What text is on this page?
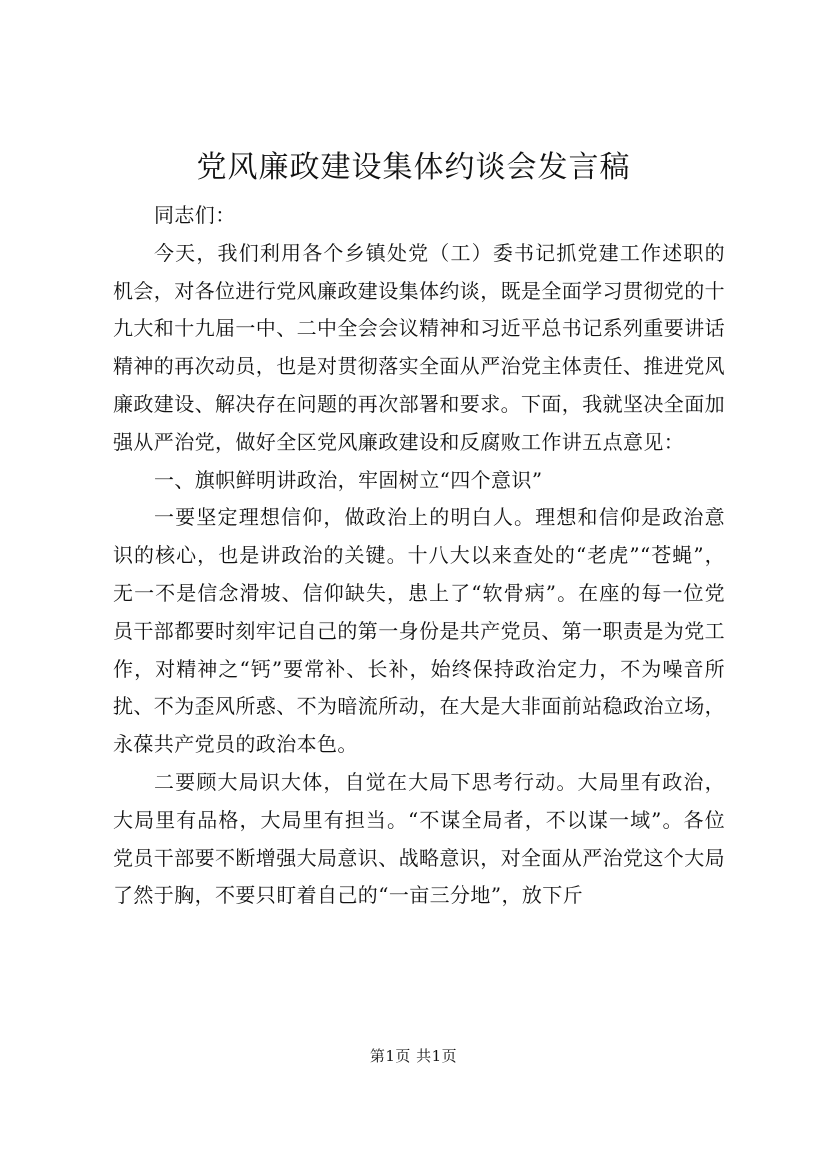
党风廉政建设集体约谈会发言稿

同志们：

今天，我们利用各个乡镇处党（工）委书记抓党建工作述职的机会，对各位进行党风廉政建设集体约谈，既是全面学习贯彻党的十九大和十九届一中、二中全会会议精神和习近平总书记系列重要讲话精神的再次动员，也是对贯彻落实全面从严治党主体责任、推进党风廉政建设、解决存在问题的再次部署和要求。下面，我就坚决全面加强从严治党，做好全区党风廉政建设和反腐败工作讲五点意见：

一、旗帜鲜明讲政治，牢固树立“四个意识”

一要坚定理想信仰，做政治上的明白人。理想和信仰是政治意识的核心，也是讲政治的关键。十八大以来查处的“老虎”“苍蝇”，无一不是信念滑坡、信仰缺失，患上了“软骨病”。在座的每一位党员干部都要时刻牢记自己的第一身份是共产党员、第一职责是为党工作，对精神之“钙”要常补、长补，始终保持政治定力，不为噪音所扰、不为歪风所惑、不为暗流所动，在大是大非面前站稳政治立场，永葆共产党员的政治本色。

二要顾大局识大体，自觉在大局下思考行动。大局里有政治，大局里有品格，大局里有担当。“不谋全局者，不以谋一域”。各位党员干部要不断增强大局意识、战略意识，对全面从严治党这个大局了然于胸，不要只盯着自己的“一亩三分地”，放下斤

第1页 共1页
